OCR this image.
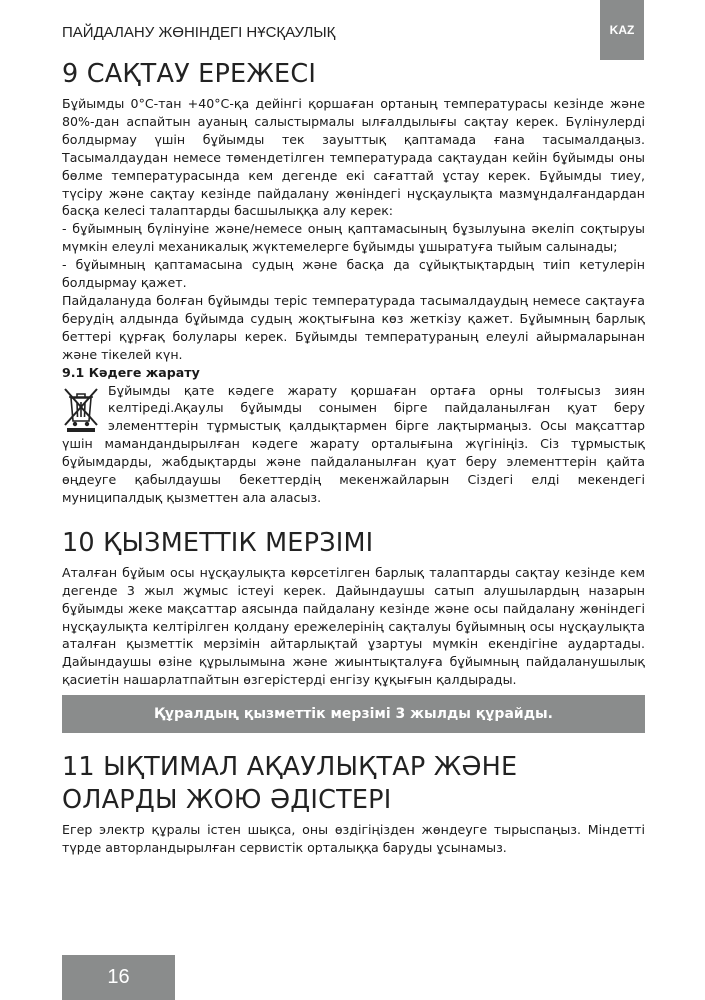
ПАЙДАЛАНУ ЖӨНІНДЕГІ НҰСҚАУЛЫҚ	KAZ
9 САҚТАУ ЕРЕЖЕСІ

Бұйымды 0°С-тан +40°С-қа дейінгі қоршаған ортаның температурасы кезінде және 80%-дан аспайтын ауаның салыстырмалы ылғалдылығы сақтау керек. Бүлінулерді болдырмау үшін бұйымды тек зауыттық қаптамада ғана тасымалдаңыз. Тасымалдаудан немесе төмендетілген температурада сақтаудан кейін бұйымды оны бөлме температурасында кем дегенде екі сағаттай ұстау керек. Бұйымды тиеу, түсіру және сақтау кезінде пайдалану жөніндегі нұсқаулықта мазмұндалғандардан басқа келесі талаптарды басшылыққа алу керек:

- бұйымның бүлінуіне және/немесе оның қаптамасының бұзылуына әкеліп соқтыруы мүмкін елеулі механикалық жүктемелерге бұйымды ұшыратуға тыйым салынады;

- бұйымның қаптамасына судың және басқа да сұйықтықтардың тиіп кетулерін болдырмау қажет.

Пайдалануда болған бұйымды теріс температурада тасымалдаудың немесе сақтауға берудің алдында бұйымда судың жоқтығына көз жеткізу қажет. Бұйымның барлық беттері құрғақ болулары керек. Бұйымды температураның елеулі айырмаларынан және тікелей күн.

9.1 Кәдеге жарату

Бұйымды қате кәдеге жарату қоршаған ортаға орны толғысыз зиян келтіреді.Ақаулы бұйымды сонымен бірге пайдаланылған қуат беру элементтерін тұрмыстық қалдықтармен бірге лақтырмаңыз. Осы мақсаттар үшін мамандандырылған кәдеге жарату орталығына жүгініңіз. Сіз тұрмыстық бұйымдарды, жабдықтарды және пайдаланылған қуат беру элементтерін қайта өңдеуге қабылдаушы бекеттердің мекенжайларын Сіздегі елді мекендегі муниципалдық қызметтен ала аласыз.

10 ҚЫЗМЕТТІК МЕРЗІМІ

Аталған бұйым осы нұсқаулықта көрсетілген барлық талаптарды сақтау кезінде кем дегенде 3 жыл жұмыс істеуі керек. Дайындаушы сатып алушылардың назарын бұйымды жеке мақсаттар аясында пайдалану кезінде және осы пайдалану жөніндегі нұсқаулықта келтірілген қолдану ережелерінің сақталуы бұйымның осы нұсқаулықта аталған қызметтік мерзімін айтарлықтай ұзартуы мүмкін екендігіне аудартады. Дайындаушы өзіне құрылымына және жиынтықталуға бұйымның пайдаланушылық қасиетін нашарлатпайтын өзгерістерді енгізу құқығын қалдырады.

Құралдың қызметтік мерзімі 3 жылды құрайды.
11 ЫҚТИМАЛ АҚАУЛЫҚТАР ЖӘНЕ
ОЛАРДЫ ЖОЮ ӘДІСТЕРІ

Егер электр құралы істен шықса, оны өздігіңізден жөндеуге тырыспаңыз. Міндетті түрде авторландырылған сервистік орталыққа баруды ұсынамыз.

16
